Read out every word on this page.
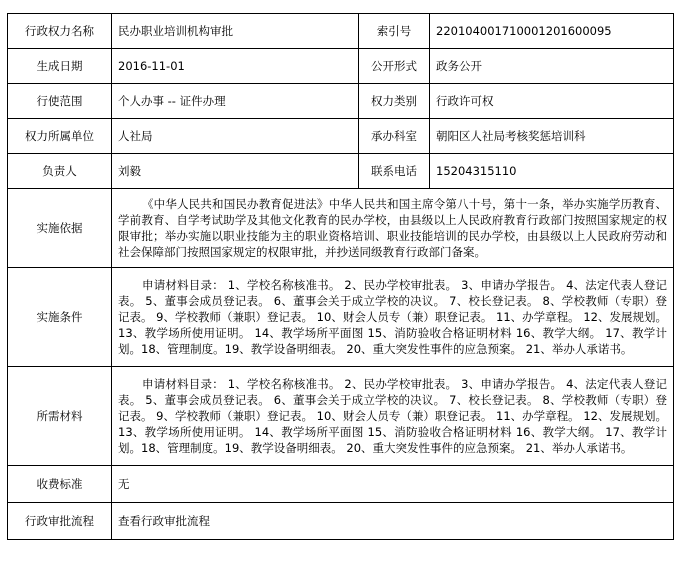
行政权力名称	民办职业培训机构审批	索引号	220104001710001201600095
生成日期	2016-11-01	公开形式	政务公开
行使范围	个人办事 -- 证件办理	权力类别	行政许可权
权力所属单位	人社局	承办科室	朝阳区人社局考核奖惩培训科
负责人	刘毅	联系电话	15204315110
实施依据	《中华人民共和国民办教育促进法》中华人民共和国主席令第八十号，第十一条，举办实施学历教育、学前教育、自学考试助学及其他文化教育的民办学校，由县级以上人民政府教育行政部门按照国家规定的权限审批；举办实施以职业技能为主的职业资格培训、职业技能培训的民办学校，由县级以上人民政府劳动和社会保障部门按照国家规定的权限审批，并抄送同级教育行政部门备案。		
实施条件	申请材料目录： 1、学校名称核准书。 2、民办学校审批表。 3、申请办学报告。 4、法定代表人登记表。 5、董事会成员登记表。 6、董事会关于成立学校的决议。 7、校长登记表。 8、学校教师（专职）登记表。 9、学校教师（兼职）登记表。 10、财会人员专（兼）职登记表。 11、办学章程。 12、发展规划。 13、教学场所使用证明。 14、教学场所平面图 15、消防验收合格证明材料 16、教学大纲。 17、教学计划。18、管理制度。19、教学设备明细表。 20、重大突发性事件的应急预案。 21、举办人承诺书。		
所需材料	申请材料目录： 1、学校名称核准书。 2、民办学校审批表。 3、申请办学报告。 4、法定代表人登记表。 5、董事会成员登记表。 6、董事会关于成立学校的决议。 7、校长登记表。 8、学校教师（专职）登记表。 9、学校教师（兼职）登记表。 10、财会人员专（兼）职登记表。 11、办学章程。 12、发展规划。 13、教学场所使用证明。 14、教学场所平面图 15、消防验收合格证明材料 16、教学大纲。 17、教学计划。18、管理制度。19、教学设备明细表。 20、重大突发性事件的应急预案。 21、举办人承诺书。		
收费标准	无		
行政审批流程	查看行政审批流程		
